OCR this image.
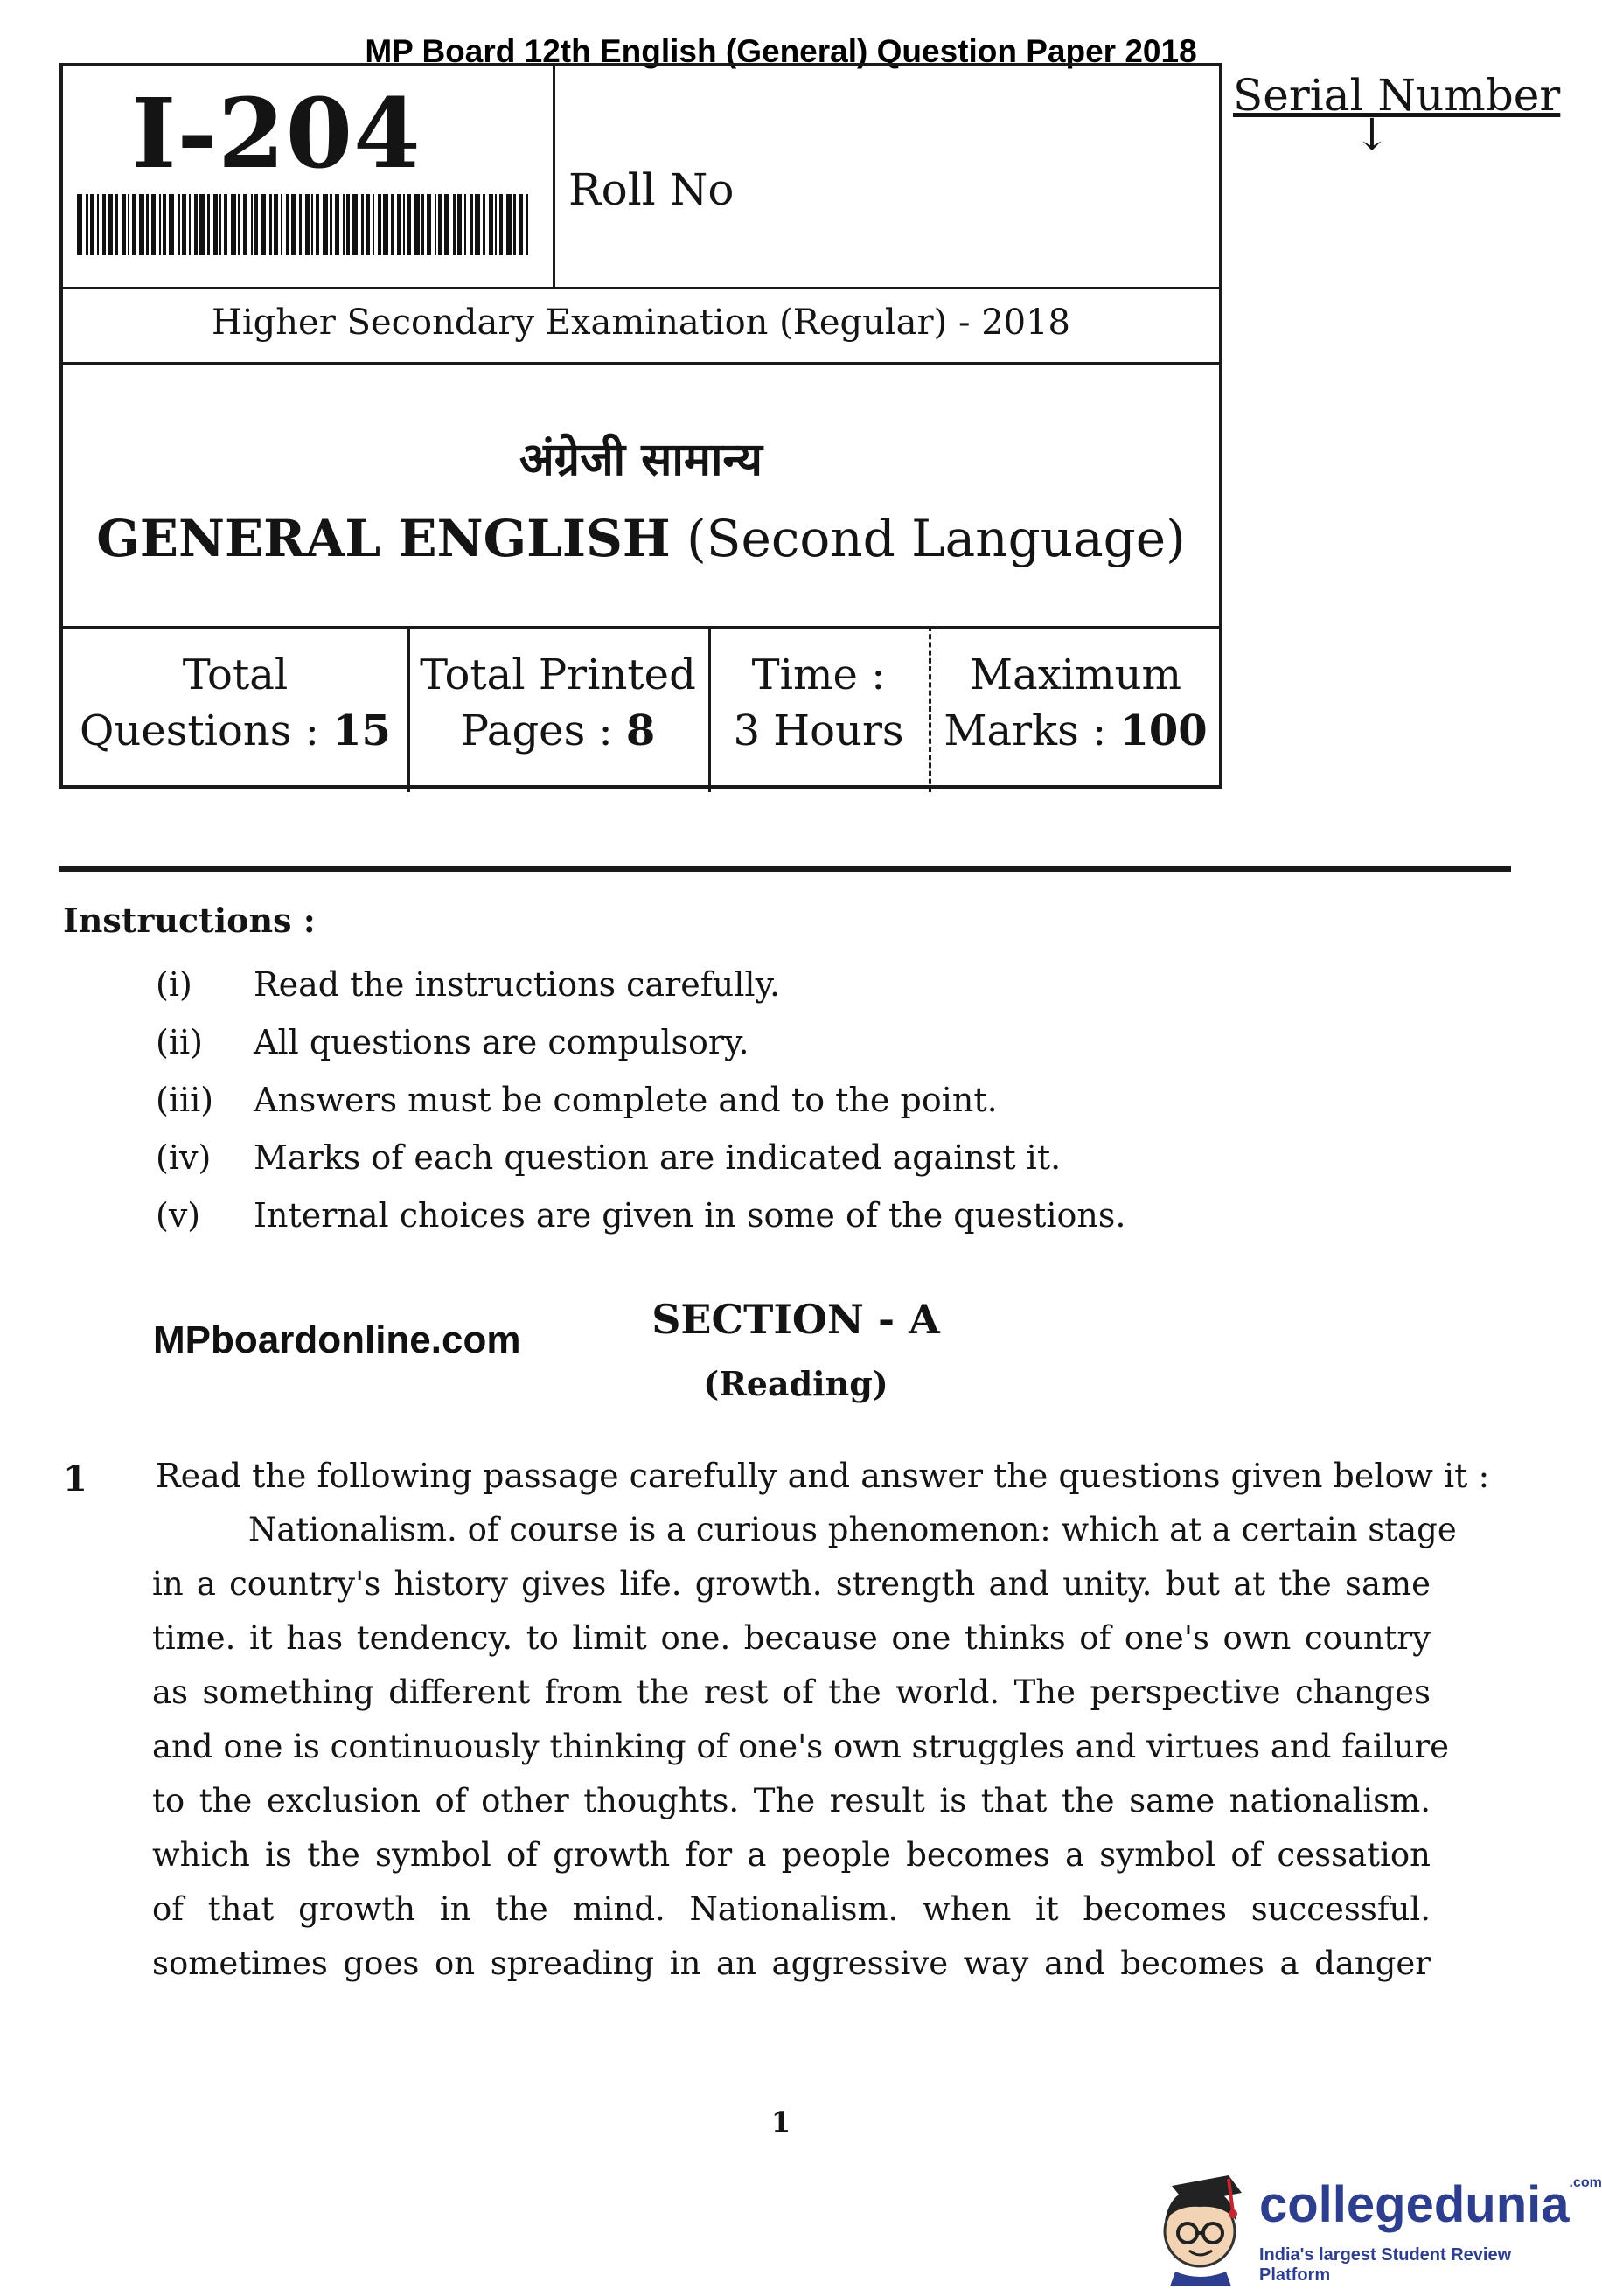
MP Board 12th English (General) Question Paper 2018
I-204	Roll No
Serial Number
↓
Higher Secondary Examination (Regular) - 2018
अंग्रेजी सामान्य
GENERAL ENGLISH (Second Language)
Total
Questions : 15
Total Printed
Pages : 8
Time :
3 Hours
Maximum
Marks : 100
Instructions :
(i) Read the instructions carefully.
(ii) All questions are compulsory.
(iii) Answers must be complete and to the point.
(iv) Marks of each question are indicated against it.
(v) Internal choices are given in some of the questions.
MPboardonline.com	SECTION - A
(Reading)
1 Read the following passage carefully and answer the questions given below it :
Nationalism. of course is a curious phenomenon: which at a certain stage
in a country's history gives life. growth. strength and unity. but at the same
time. it has tendency. to limit one. because one thinks of one's own country
as something different from the rest of the world. The perspective changes
and one is continuously thinking of one's own struggles and virtues and failure
to the exclusion of other thoughts. The result is that the same nationalism.
which is the symbol of growth for a people becomes a symbol of cessation
of that growth in the mind. Nationalism. when it becomes successful.
sometimes goes on spreading in an aggressive way and becomes a danger
1
collegedunia$^{.com}$
India's largest Student Review Platform
